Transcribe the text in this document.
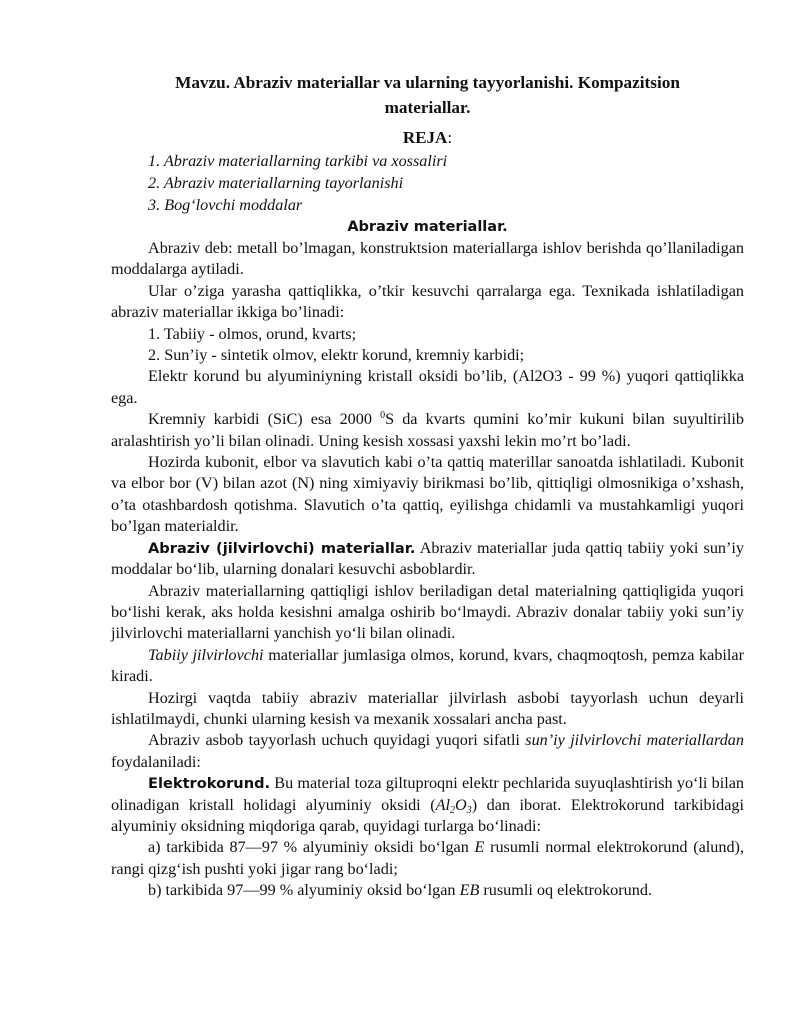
Mavzu. Abraziv materiallar va ularning tayyorlanishi. Kompazitsion materiallar.
REJA:
1. Abraziv materiallarning tarkibi va xossaliri
2. Abraziv materiallarning tayorlanishi
3. Bog‘lovchi moddalar
Abraziv materiallar.

Abraziv deb: metall bo’lmagan, konstruktsion materiallarga ishlov berishda qo’llaniladigan moddalarga aytiladi.

Ular o’ziga yarasha qattiqlikka, o’tkir kesuvchi qarralarga ega. Texnikada ishlatiladigan abraziv materiallar ikkiga bo’linadi:

1. Tabiiy - olmos, orund, kvarts;

2. Sun’iy - sintetik olmov, elektr korund, kremniy karbidi;

Elektr korund bu alyuminiyning kristall oksidi bo’lib, (Al2O3 - 99 %) yuqori qattiqlikka ega.

Kremniy karbidi (SiC) esa 2000 $^0$S da kvarts qumini ko’mir kukuni bilan suyultirilib aralashtirish yo’li bilan olinadi. Uning kesish xossasi yaxshi lekin mo’rt bo’ladi.

Hozirda kubonit, elbor va slavutich kabi o’ta qattiq materillar sanoatda ishlatiladi. Kubonit va elbor bor (V) bilan azot (N) ning ximiyaviy birikmasi bo’lib, qittiqligi olmosnikiga o’xshash, o’ta otashbardosh qotishma. Slavutich o’ta qattiq, eyilishga chidamli va mustahkamligi yuqori bo’lgan materialdir.

Abraziv (jilvirlovchi) materiallar. Abraziv materiallar juda qattiq tabiiy yoki sun’iy moddalar bo‘lib, ularning donalari kesuvchi asboblardir.

Abraziv materiallarning qattiqligi ishlov beriladigan detal materialning qattiqligida yuqori bo‘lishi kerak, aks holda kesishni amalga oshirib bo‘lmaydi. Abraziv donalar tabiiy yoki sun’iy jilvirlovchi materiallarni yanchish yo‘li bilan olinadi.

Tabiiy jilvirlovchi materiallar jumlasiga olmos, korund, kvars, chaqmoqtosh, pemza kabilar kiradi.

Hozirgi vaqtda tabiiy abraziv materiallar jilvirlash asbobi tayyorlash uchun deyarli ishlatilmaydi, chunki ularning kesish va mexanik xossalari ancha past.

Abraziv asbob tayyorlash uchuch quyidagi yuqori sifatli sun’iy jilvirlovchi materiallardan foydalaniladi:

Elektrokorund. Bu material toza giltuproqni elektr pechlarida suyuqlashtirish yo‘li bilan olinadigan kristall holidagi alyuminiy oksidi $(Al_2O_3)$ dan iborat. Elektrokorund tarkibidagi alyuminiy oksidning miqdoriga qarab, quyidagi turlarga bo‘linadi:

a) tarkibida 87—97 % alyuminiy oksidi bo‘lgan E rusumli normal elektrokorund (alund), rangi qizg‘ish pushti yoki jigar rang bo‘ladi;

b) tarkibida 97—99 % alyuminiy oksid bo‘lgan EB rusumli oq elektrokorund.
